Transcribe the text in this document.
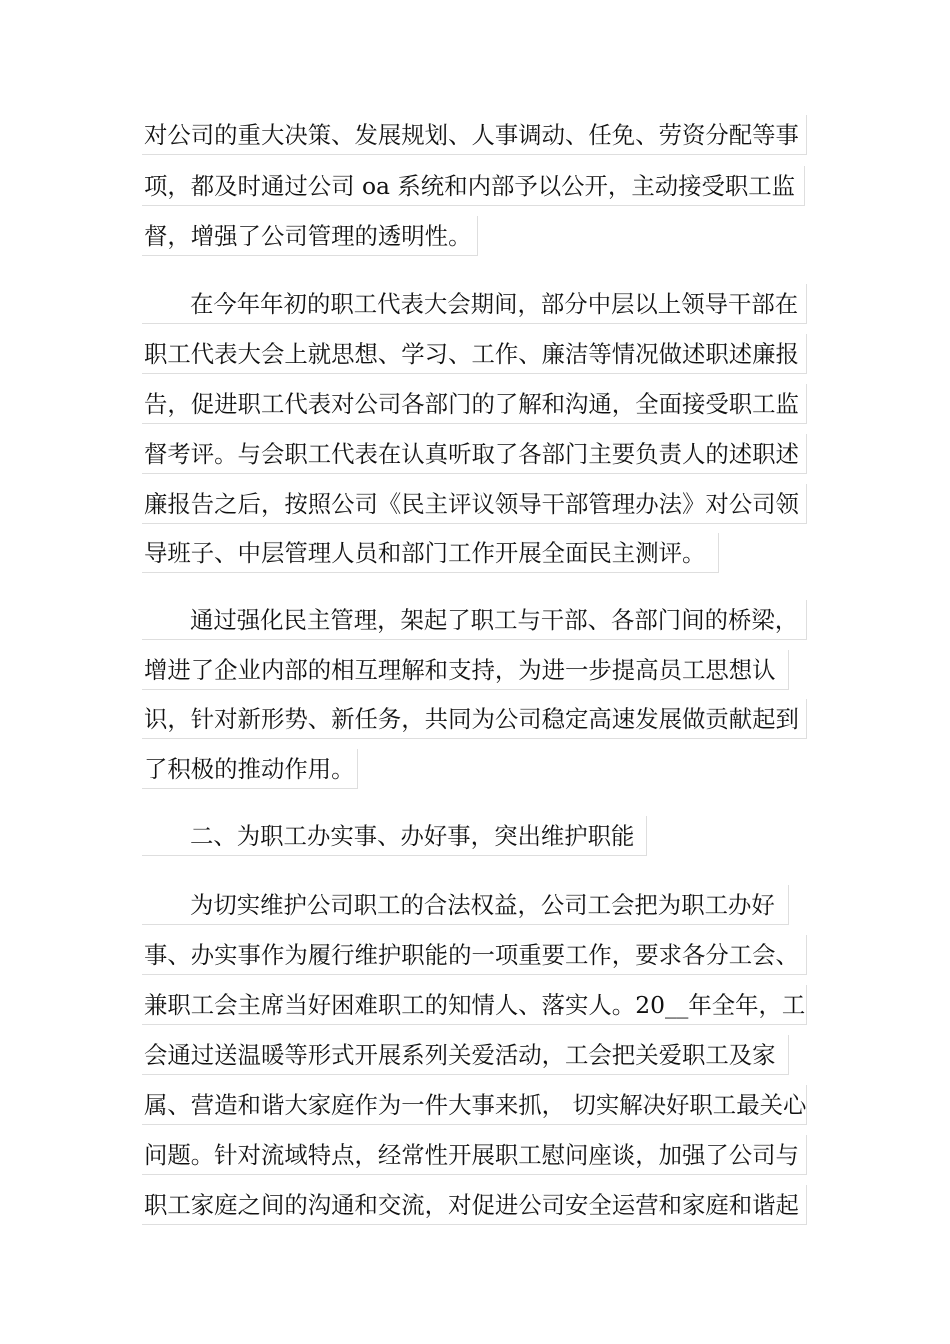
对公司的重大决策、发展规划、人事调动、任免、劳资分配等事
项，都及时通过公司 oa 系统和内部予以公开，主动接受职工监
督，增强了公司管理的透明性。
在今年年初的职工代表大会期间，部分中层以上领导干部在
职工代表大会上就思想、学习、工作、廉洁等情况做述职述廉报
告，促进职工代表对公司各部门的了解和沟通，全面接受职工监
督考评。与会职工代表在认真听取了各部门主要负责人的述职述
廉报告之后，按照公司《民主评议领导干部管理办法》对公司领
导班子、中层管理人员和部门工作开展全面民主测评。
通过强化民主管理，架起了职工与干部、各部门间的桥梁，
增进了企业内部的相互理解和支持，为进一步提高员工思想认
识，针对新形势、新任务，共同为公司稳定高速发展做贡献起到
了积极的推动作用。
二、为职工办实事、办好事，突出维护职能
为切实维护公司职工的合法权益，公司工会把为职工办好
事、办实事作为履行维护职能的一项重要工作，要求各分工会、
兼职工会主席当好困难职工的知情人、落实人。20__年全年，工
会通过送温暖等形式开展系列关爱活动，工会把关爱职工及家
属、营造和谐大家庭作为一件大事来抓， 切实解决好职工最关心
问题。针对流域特点，经常性开展职工慰问座谈，加强了公司与
职工家庭之间的沟通和交流，对促进公司安全运营和家庭和谐起
